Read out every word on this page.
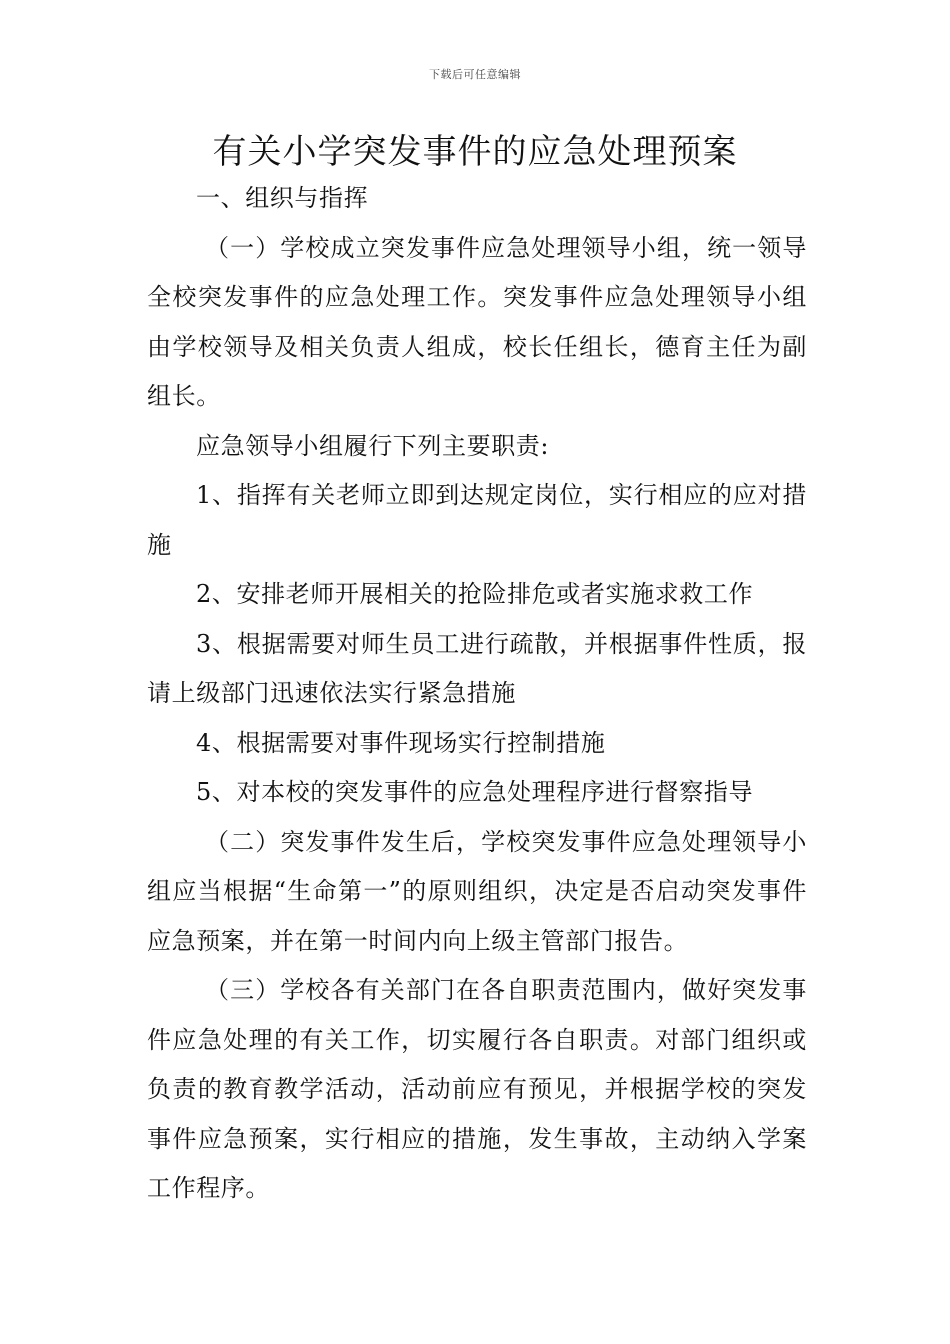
下载后可任意编辑
有关小学突发事件的应急处理预案

一、组织与指挥

（一）学校成立突发事件应急处理领导小组，统一领导全校突发事件的应急处理工作。突发事件应急处理领导小组由学校领导及相关负责人组成，校长任组长，德育主任为副组长。

应急领导小组履行下列主要职责:

1、指挥有关老师立即到达规定岗位，实行相应的应对措施

2、安排老师开展相关的抢险排危或者实施求救工作

3、根据需要对师生员工进行疏散，并根据事件性质，报请上级部门迅速依法实行紧急措施

4、根据需要对事件现场实行控制措施

5、对本校的突发事件的应急处理程序进行督察指导

（二）突发事件发生后，学校突发事件应急处理领导小组应当根据“生命第一”的原则组织，决定是否启动突发事件应急预案，并在第一时间内向上级主管部门报告。

（三）学校各有关部门在各自职责范围内，做好突发事件应急处理的有关工作，切实履行各自职责。对部门组织或负责的教育教学活动，活动前应有预见，并根据学校的突发事件应急预案，实行相应的措施，发生事故，主动纳入学案工作程序。
